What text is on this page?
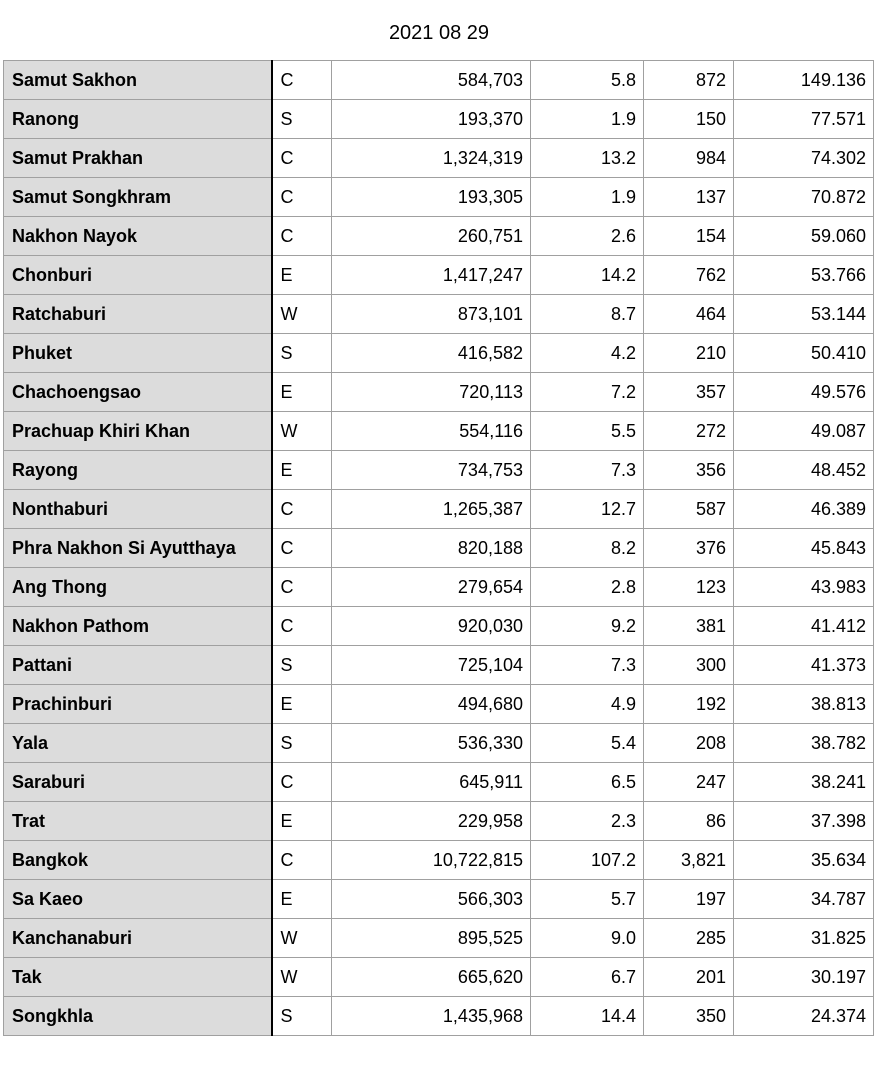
2021 08 29
Samut Sakhon	C	584,703	5.8	872	149.136
Ranong	S	193,370	1.9	150	77.571
Samut Prakhan	C	1,324,319	13.2	984	74.302
Samut Songkhram	C	193,305	1.9	137	70.872
Nakhon Nayok	C	260,751	2.6	154	59.060
Chonburi	E	1,417,247	14.2	762	53.766
Ratchaburi	W	873,101	8.7	464	53.144
Phuket	S	416,582	4.2	210	50.410
Chachoengsao	E	720,113	7.2	357	49.576
Prachuap Khiri Khan	W	554,116	5.5	272	49.087
Rayong	E	734,753	7.3	356	48.452
Nonthaburi	C	1,265,387	12.7	587	46.389
Phra Nakhon Si Ayutthaya	C	820,188	8.2	376	45.843
Ang Thong	C	279,654	2.8	123	43.983
Nakhon Pathom	C	920,030	9.2	381	41.412
Pattani	S	725,104	7.3	300	41.373
Prachinburi	E	494,680	4.9	192	38.813
Yala	S	536,330	5.4	208	38.782
Saraburi	C	645,911	6.5	247	38.241
Trat	E	229,958	2.3	86	37.398
Bangkok	C	10,722,815	107.2	3,821	35.634
Sa Kaeo	E	566,303	5.7	197	34.787
Kanchanaburi	W	895,525	9.0	285	31.825
Tak	W	665,620	6.7	201	30.197
Songkhla	S	1,435,968	14.4	350	24.374
